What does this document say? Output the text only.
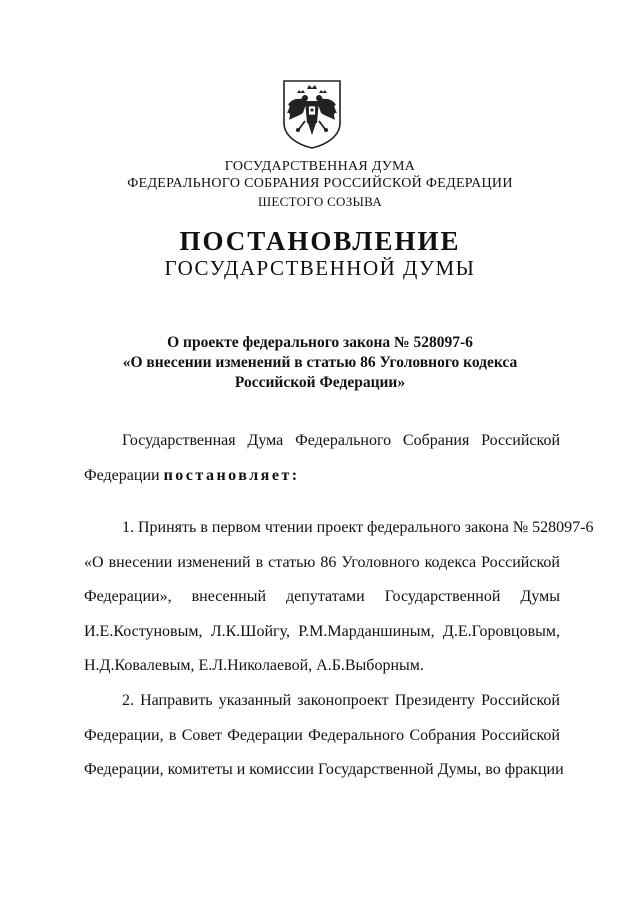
ГОСУДАРСТВЕННАЯ ДУМА
ФЕДЕРАЛЬНОГО СОБРАНИЯ РОССИЙСКОЙ ФЕДЕРАЦИИ
ШЕСТОГО СОЗЫВА
ПОСТАНОВЛЕНИЕ
ГОСУДАРСТВЕННОЙ ДУМЫ
О проекте федерального закона № 528097-6
«О внесении изменений в статью 86 Уголовного кодекса
Российской Федерации»
Государственная Дума Федерального Собрания Российской
Федерации постановляет:
1. Принять в первом чтении проект федерального закона № 528097-6
«О внесении изменений в статью 86 Уголовного кодекса Российской
Федерации», внесенный депутатами Государственной Думы
И.Е.Костуновым, Л.К.Шойгу, Р.М.Марданшиным, Д.Е.Горовцовым,
Н.Д.Ковалевым, Е.Л.Николаевой, А.Б.Выборным.
2. Направить указанный законопроект Президенту Российской
Федерации, в Совет Федерации Федерального Собрания Российской
Федерации, комитеты и комиссии Государственной Думы, во фракции
